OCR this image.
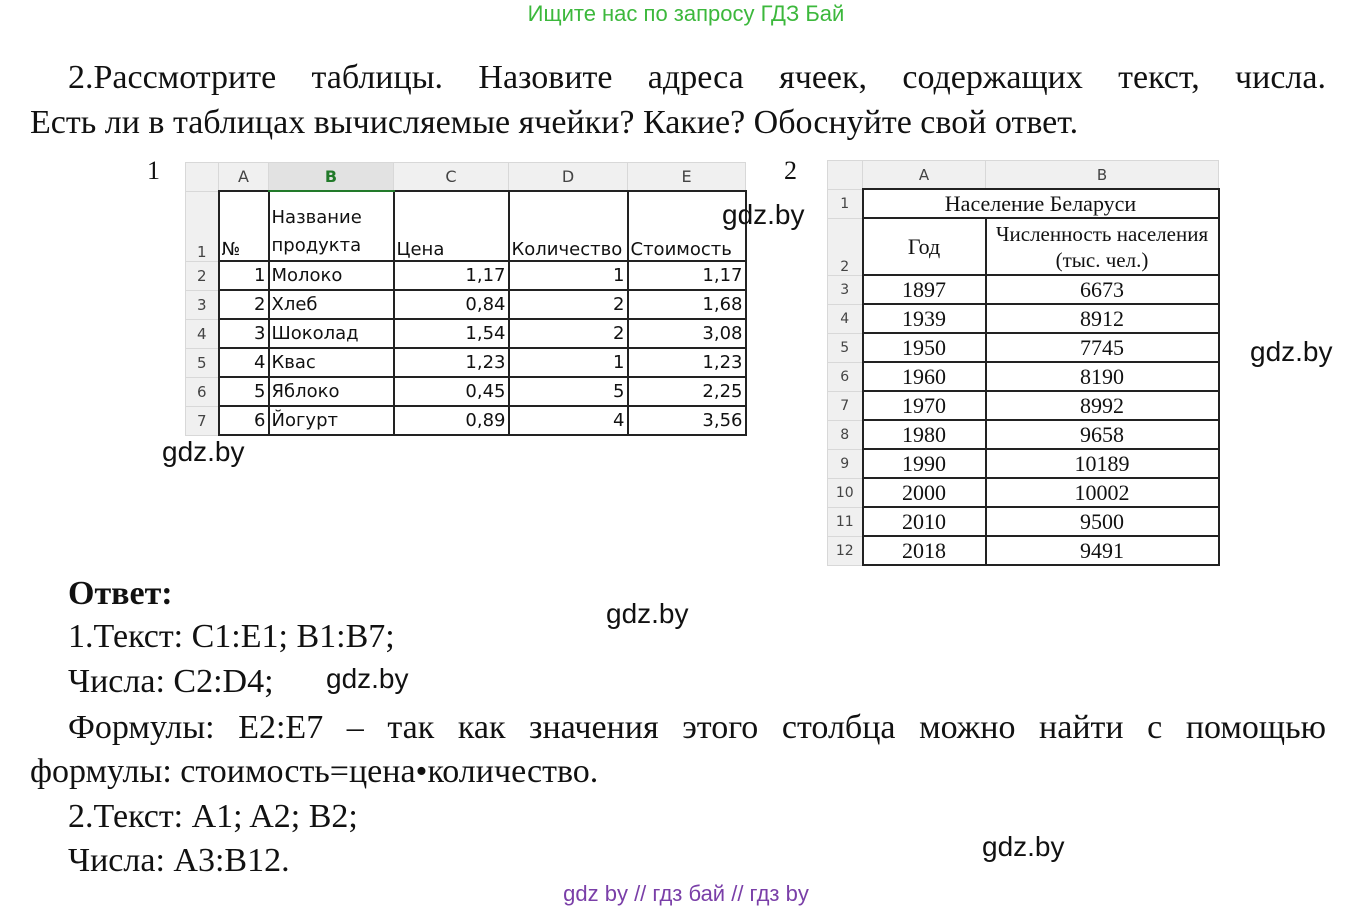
Ищите нас по запросу ГДЗ Бай
2.Рассмотрите таблицы. Назовите адреса ячеек, содержащих текст, числа.
Есть ли в таблицах вычисляемые ячейки? Какие? Обоснуйте свой ответ.
1	2
	A	B	C	D	E
1	№	Название продукта	Цена	Количество	Стоимость
2	1	Молоко	1,17	1	1,17
3	2	Хлеб	0,84	2	1,68
4	3	Шоколад	1,54	2	3,08
5	4	Квас	1,23	1	1,23
6	5	Яблоко	0,45	5	2,25
7	6	Йогурт	0,89	4	3,56
	A	B
1	Население Беларуси	
2	Год	Численность населения (тыс. чел.)
3	1897	6673
4	1939	8912
5	1950	7745
6	1960	8190
7	1970	8992
8	1980	9658
9	1990	10189
10	2000	10002
11	2010	9500
12	2018	9491
gdz.by
gdz.by
gdz.by
gdz.by
gdz.by
gdz.by
Ответ:
1.Текст: C1:E1; B1:B7;
Числа: C2:D4;
Формулы: E2:E7 – так как значения этого столбца можно найти с помощью
формулы: стоимость=цена•количество.
2.Текст: A1; A2; B2;
Числа: A3:B12.
gdz by // гдз бай // гдз by
